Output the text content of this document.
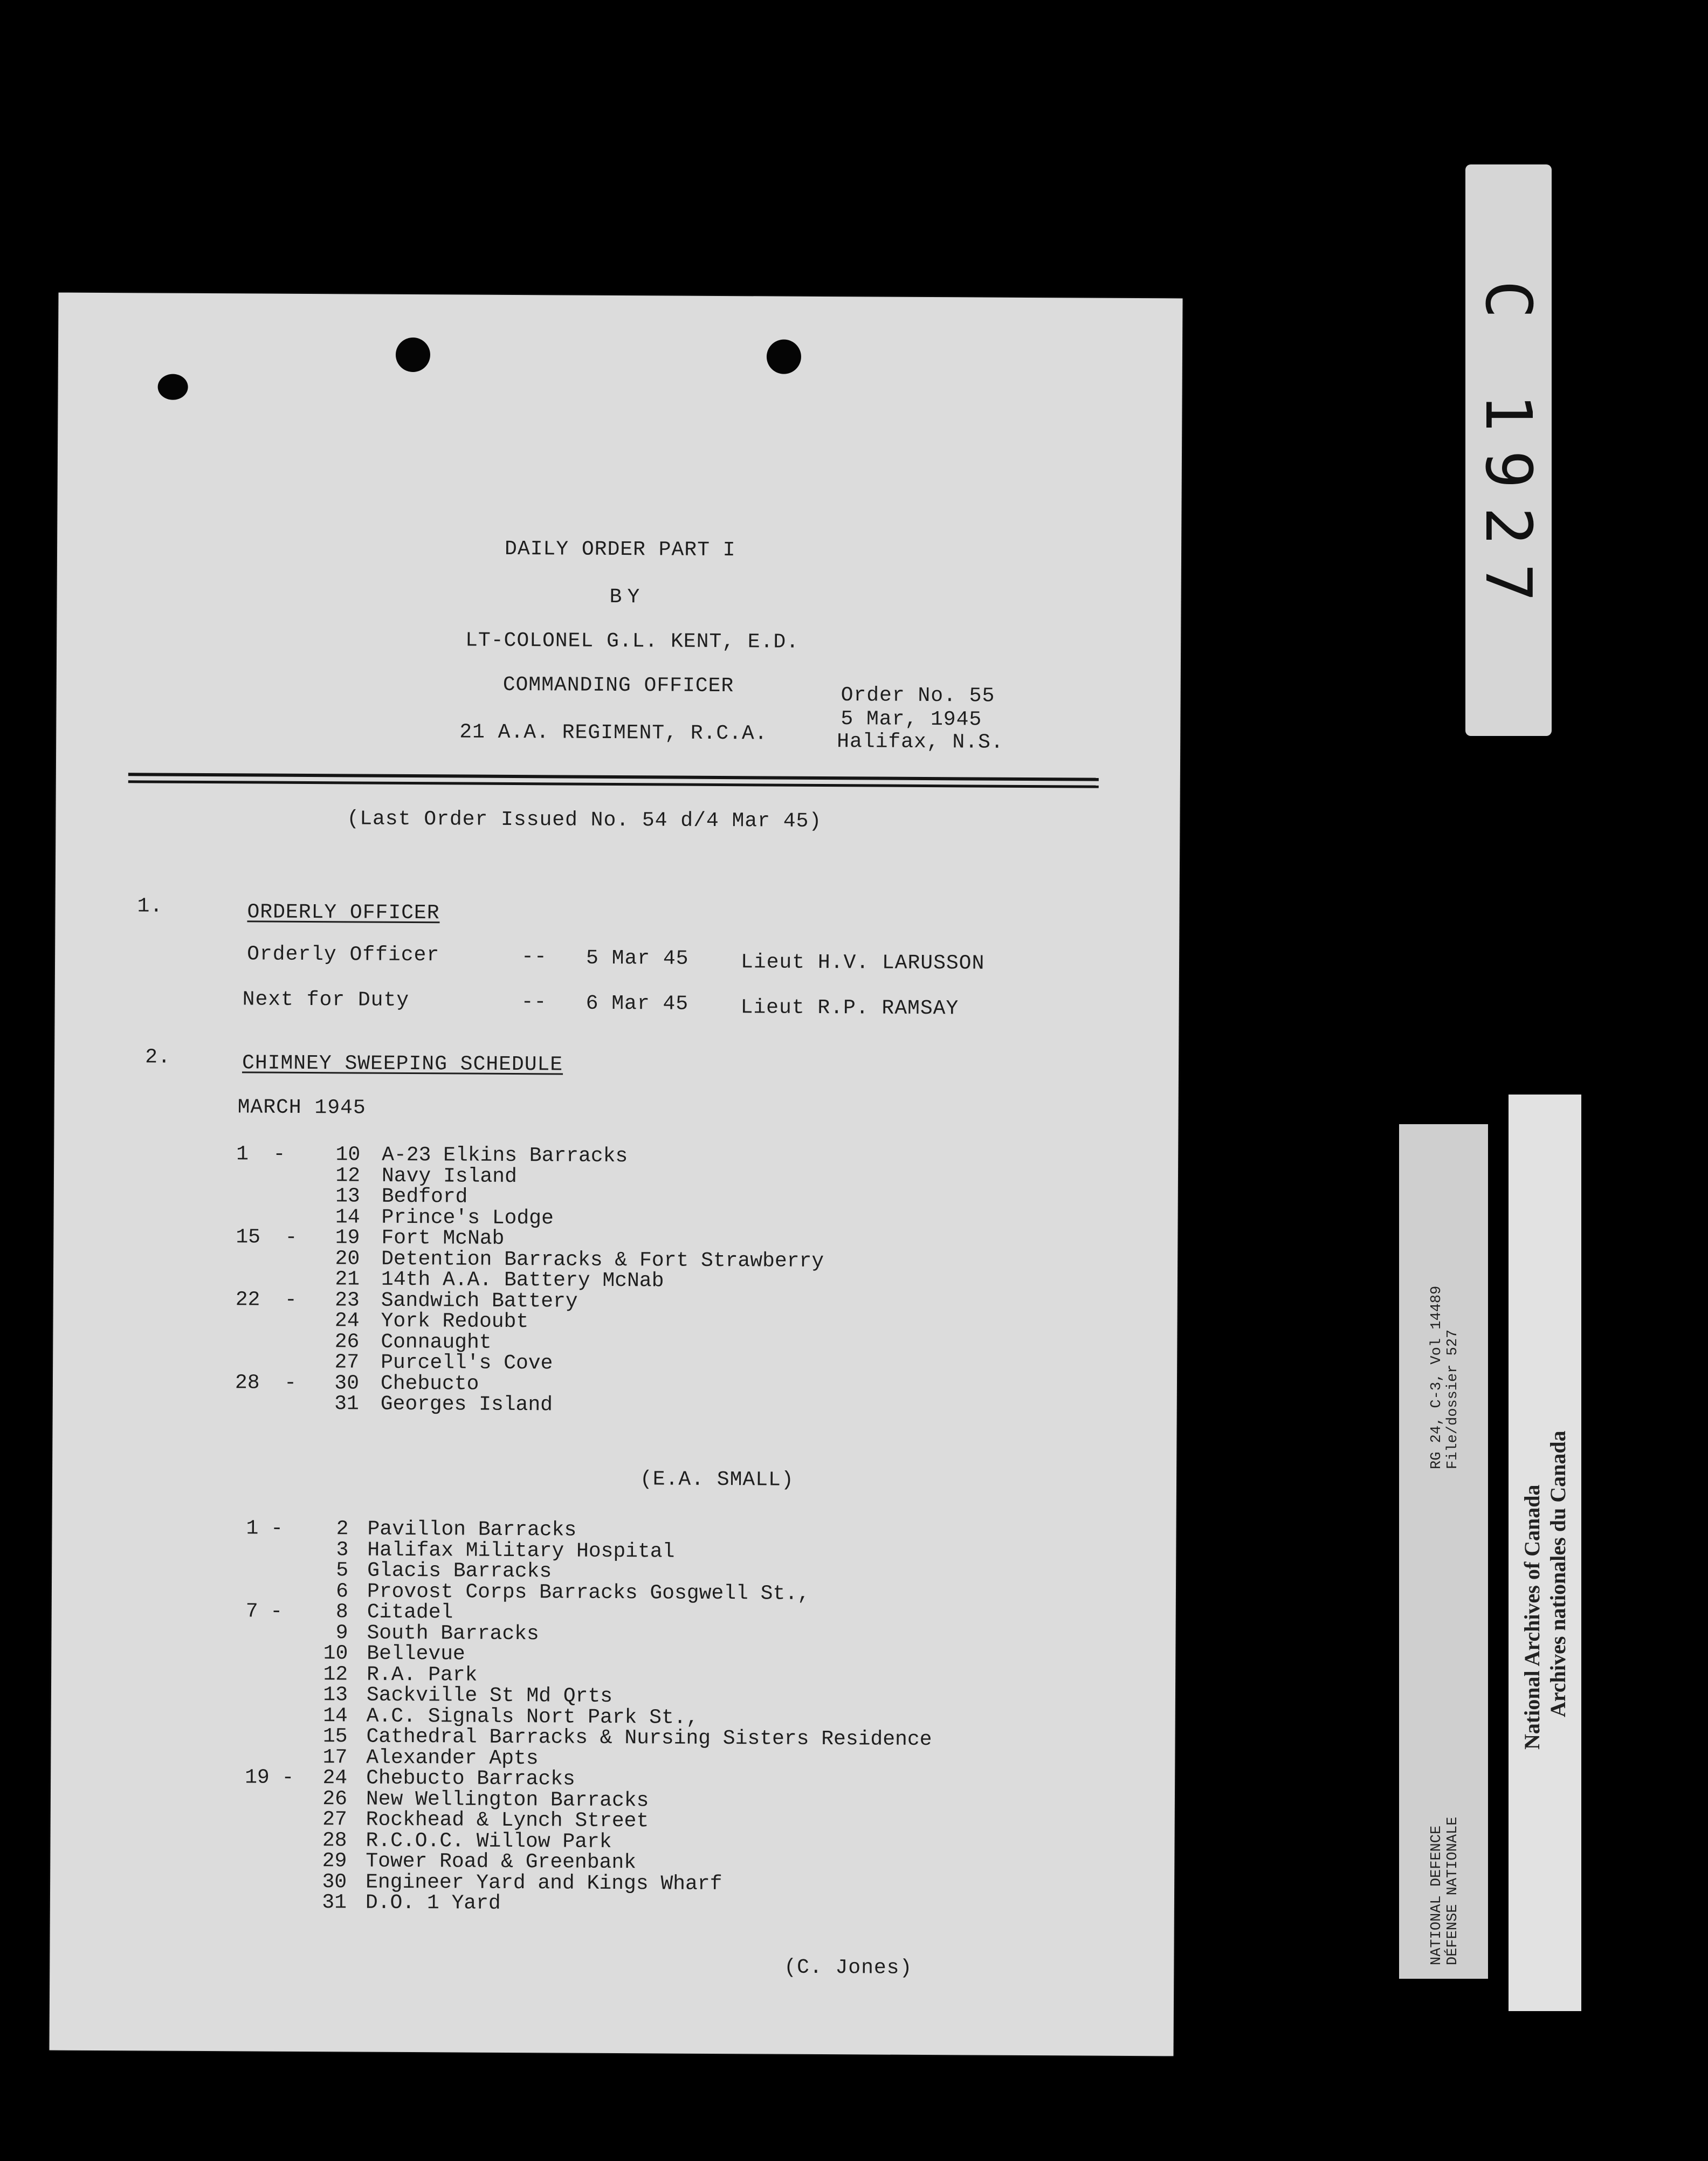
DAILY ORDER PART I
BY
LT-COLONEL G.L. KENT, E.D.
COMMANDING OFFICER
21 A.A. REGIMENT, R.C.A.
Order No. 55
5 Mar, 1945
Halifax, N.S.
(Last Order Issued No. 54 d/4 Mar 45)
1.	ORDERLY OFFICER
Orderly Officer	-- 5 Mar 45	Lieut H.V. LARUSSON
Next for Duty	-- 6 Mar 45	Lieut R.P. RAMSAY
2.	CHIMNEY SWEEPING SCHEDULE
MARCH 1945
1  -	10 A-23 Elkins Barracks
12 Navy Island
13 Bedford
14 Prince's Lodge
15  -	19 Fort McNab
20 Detention Barracks & Fort Strawberry
21 14th A.A. Battery McNab
22  -	23 Sandwich Battery
24 York Redoubt
26 Connaught
27 Purcell's Cove
28  -	30 Chebucto
31 Georges Island
(E.A. SMALL)
1 -	2 Pavillon Barracks
3 Halifax Military Hospital
5 Glacis Barracks
6 Provost Corps Barracks Gosgwell St.,
7 -	8 Citadel
9 South Barracks
10 Bellevue
12 R.A. Park
13 Sackville St Md Qrts
14 A.C. Signals Nort Park St.,
15 Cathedral Barracks & Nursing Sisters Residence
17 Alexander Apts
19 -	24 Chebucto Barracks
26 New Wellington Barracks
27 Rockhead & Lynch Street
28 R.C.O.C. Willow Park
29 Tower Road & Greenbank
30 Engineer Yard and Kings Wharf
31 D.O. 1 Yard
(C. Jones)
C 1927
NATIONAL DEFENCE DÉFENSE NATIONALE
RG 24, C-3, Vol 14489 File/dossier 527
National Archives of Canada Archives nationales du Canada
